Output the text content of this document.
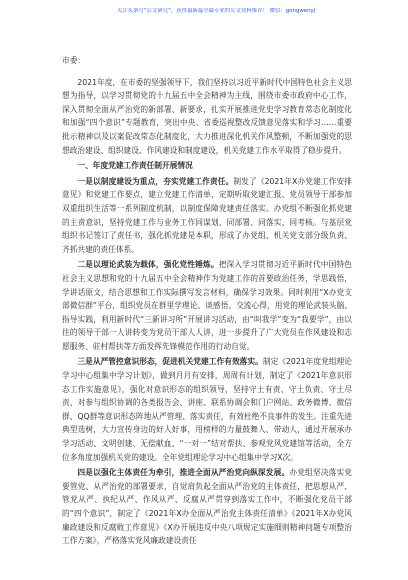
关注头条号“公文研究”，获得最新最全最专业的公文资料推荐！ 微信：gongwenyj
市委：

2021年度，在市委的坚强领导下，我们坚持以习近平新时代中国特色社会主义思想为指导，以学习贯彻党的十九届五中全会精神为主线，围绕市委市政府中心工作，深入贯彻全面从严治党的新部署、新要求，扎实开展推进党史学习教育常态化制度化和加强“四个意识”专题教育，突出中央、省委巡视整改反馈意见落实和学习……重要批示精神以及以案促改常态化制度化，大力推进深化机关作风整顿，不断加强党的思想政治建设、组织建设、作风建设和制度建设，机关党建工作水平取得了稳步提升。

一、年度党建工作责任制开展情况

一是以制度建设为重点，夯实党建工作责任。制发了《2021年X办党建工作安排意见》和党建工作要点，建立党建工作清单，定期听取党建汇报、党员领导干部参加双重组织生活等一系列制度机制，以制度保障党建责任落实。办党组不断强化抓党建的主责意识，坚持党建工作与业务工作同谋划、同部署、同落实、同考核。与基层党组织书记签订了责任书，强化抓党建是本职，形成了办党组、机关党支部分级负责、齐抓共建的责任体系。

二是以理论武装为载体，强化党性锤炼。把深入学习贯彻习近平新时代中国特色社会主义思想和党的十九届五中全会精神作为党建工作的首要政治任务，学思践悟，学讲话原文，结合思想和工作实际撰写发言材料，确保学习效果。同时利用“X办党支部微信群”平台，组织党员在群里学理论、谈感悟、交流心得，用党的理论武装头脑、指导实践，利用新时代“三新讲习所”开展讲习活动，由“叫我学”变为“我要学”，由以往的领导干部一人讲转变为党员干部人人讲，进一步提升了广大党员在作风建设和志愿服务、驻村帮扶等方面发挥先锋模范作用的行动自觉。

三是从严管控意识形态，促进机关党建工作有效落实。制定《2021年度党组理论学习中心组集中学习计划》，做到月月有安排，周周有计划，制定了《2021年意识形态工作实施意见》，强化对意识形态的组织领导，坚持守土有责、守土负责、守土尽责，对参与组织协调的各类报告会、讲座、联系协调会和门户网站、政务微博、微信群、QQ群等意识形态阵地从严管理、落实责任，有效杜绝不良事件的发生。注重先进典型选树，大力宣传身边的好人好事，用榜样的力量鼓舞人、带动人，通过开展承办学习活动、文明创建、无偿献血、“一对一”结对帮扶、参观党风党建馆等活动，全方位多角度加强机关党的建设。全年党组理论学习中心组集中学习X次。

四是以强化主体责任为牵引，推进全面从严治党向纵深发展。办党组坚决落实党要管党、从严治党的部署要求，自觉肩负起全面从严治党的主体责任，把思想从严、管党从严、执纪从严、作风从严、反腐从严贯穿到落实工作中，不断强化党员干部的“四个意识”，制定了《2021年X办全面从严治党主体责任清单》《2021年X办党风廉政建设和反腐败工作意见》《X办开展违反中央八项规定实施细则精神问题专项整治工作方案》，严格落实党风廉政建设责任
